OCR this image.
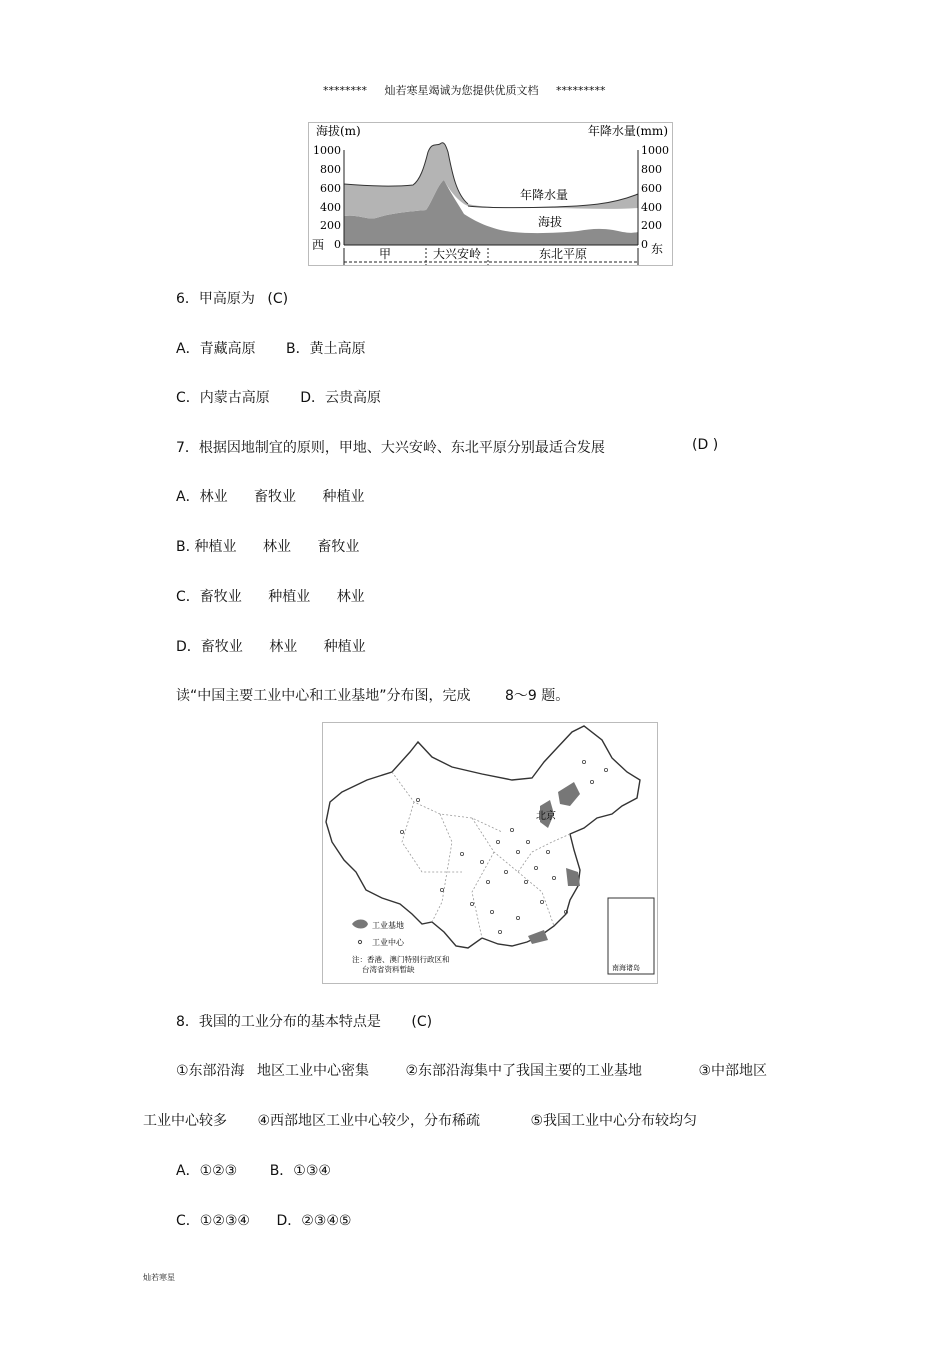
******** 灿若寒星竭诚为您提供优质文档 *********
1000
800
600
400
200
0
1000
800
600
400
200
0
海拔(m)	年降水量(mm)
西	东
年降水量
海拔
甲	大兴安岭	东北平原
6．甲高原为 (C)
A．青藏高原 B．黄土高原
C．内蒙古高原 D．云贵高原
7．根据因地制宜的原则，甲地、大兴安岭、东北平原分别最适合发展	(D )
A．林业 畜牧业 种植业
B. 种植业 林业 畜牧业
C．畜牧业 种植业 林业
D．畜牧业 林业 种植业
读“中国主要工业中心和工业基地”分布图，完成 8～9 题。
北京
南海诸岛
工业基地
工业中心
注：香港、澳门特别行政区和
台湾省资料暂缺
8．我国的工业分布的基本特点是 (C)
①东部沿海 地区工业中心密集	②东部沿海集中了我国主要的工业基地	③中部地区
工业中心较多 ④西部地区工业中心较少，分布稀疏	⑤我国工业中心分布较均匀
A．①②③ B．①③④
C．①②③④ D．②③④⑤
灿若寒星
